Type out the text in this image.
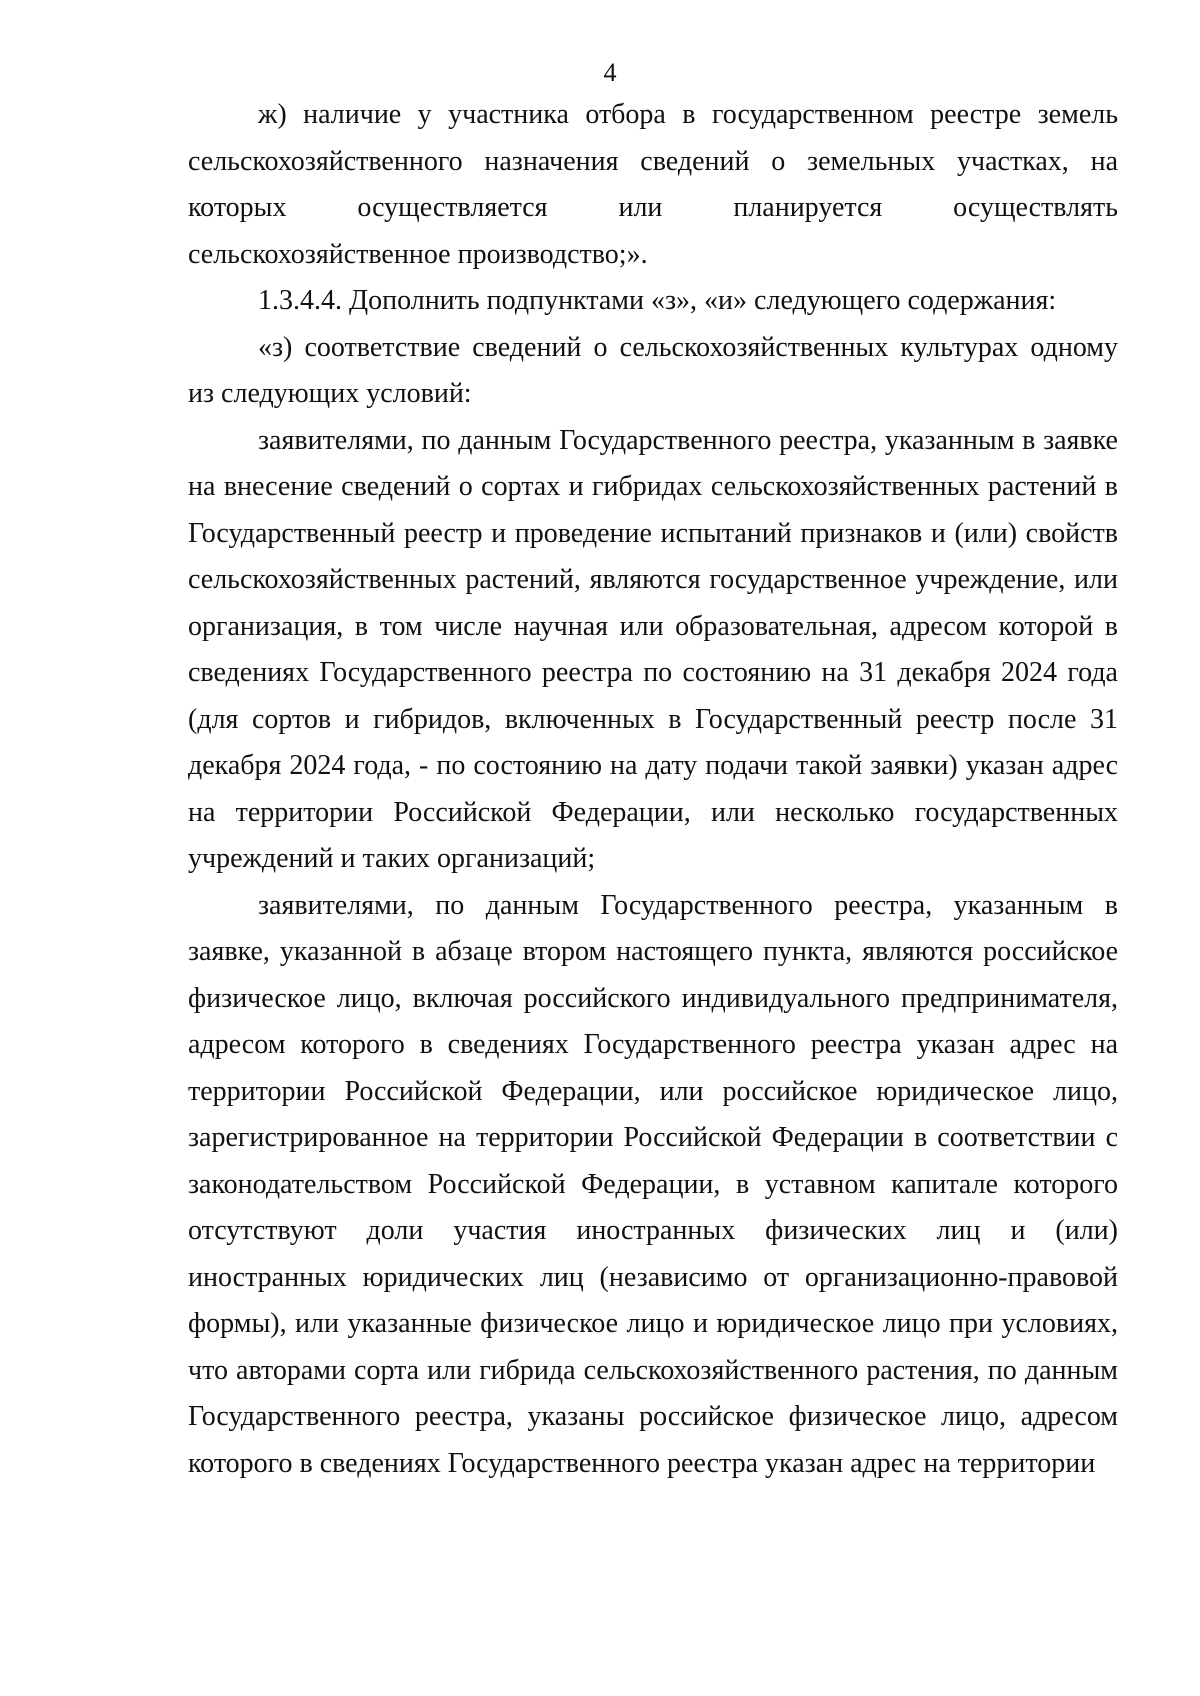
4

ж) наличие у участника отбора в государственном реестре земель сельскохозяйственного назначения сведений о земельных участках, на которых осуществляется или планируется осуществлять сельскохозяйственное производство;».

1.3.4.4. Дополнить подпунктами «з», «и» следующего содержания:

«з) соответствие сведений о сельскохозяйственных культурах одному из следующих условий:

заявителями, по данным Государственного реестра, указанным в заявке на внесение сведений о сортах и гибридах сельскохозяйственных растений в Государственный реестр и проведение испытаний признаков и (или) свойств сельскохозяйственных растений, являются государственное учреждение, или организация, в том числе научная или образовательная, адресом которой в сведениях Государственного реестра по состоянию на 31 декабря 2024 года (для сортов и гибридов, включенных в Государственный реестр после 31 декабря 2024 года, - по состоянию на дату подачи такой заявки) указан адрес на территории Российской Федерации, или несколько государственных учреждений и таких организаций;

заявителями, по данным Государственного реестра, указанным в заявке, указанной в абзаце втором настоящего пункта, являются российское физическое лицо, включая российского индивидуального предпринимателя, адресом которого в сведениях Государственного реестра указан адрес на территории Российской Федерации, или российское юридическое лицо, зарегистрированное на территории Российской Федерации в соответствии с законодательством Российской Федерации, в уставном капитале которого отсутствуют доли участия иностранных физических лиц и (или) иностранных юридических лиц (независимо от организационно-правовой формы), или указанные физическое лицо и юридическое лицо при условиях, что авторами сорта или гибрида сельскохозяйственного растения, по данным Государственного реестра, указаны российское физическое лицо, адресом которого в сведениях Государственного реестра указан адрес на территории
